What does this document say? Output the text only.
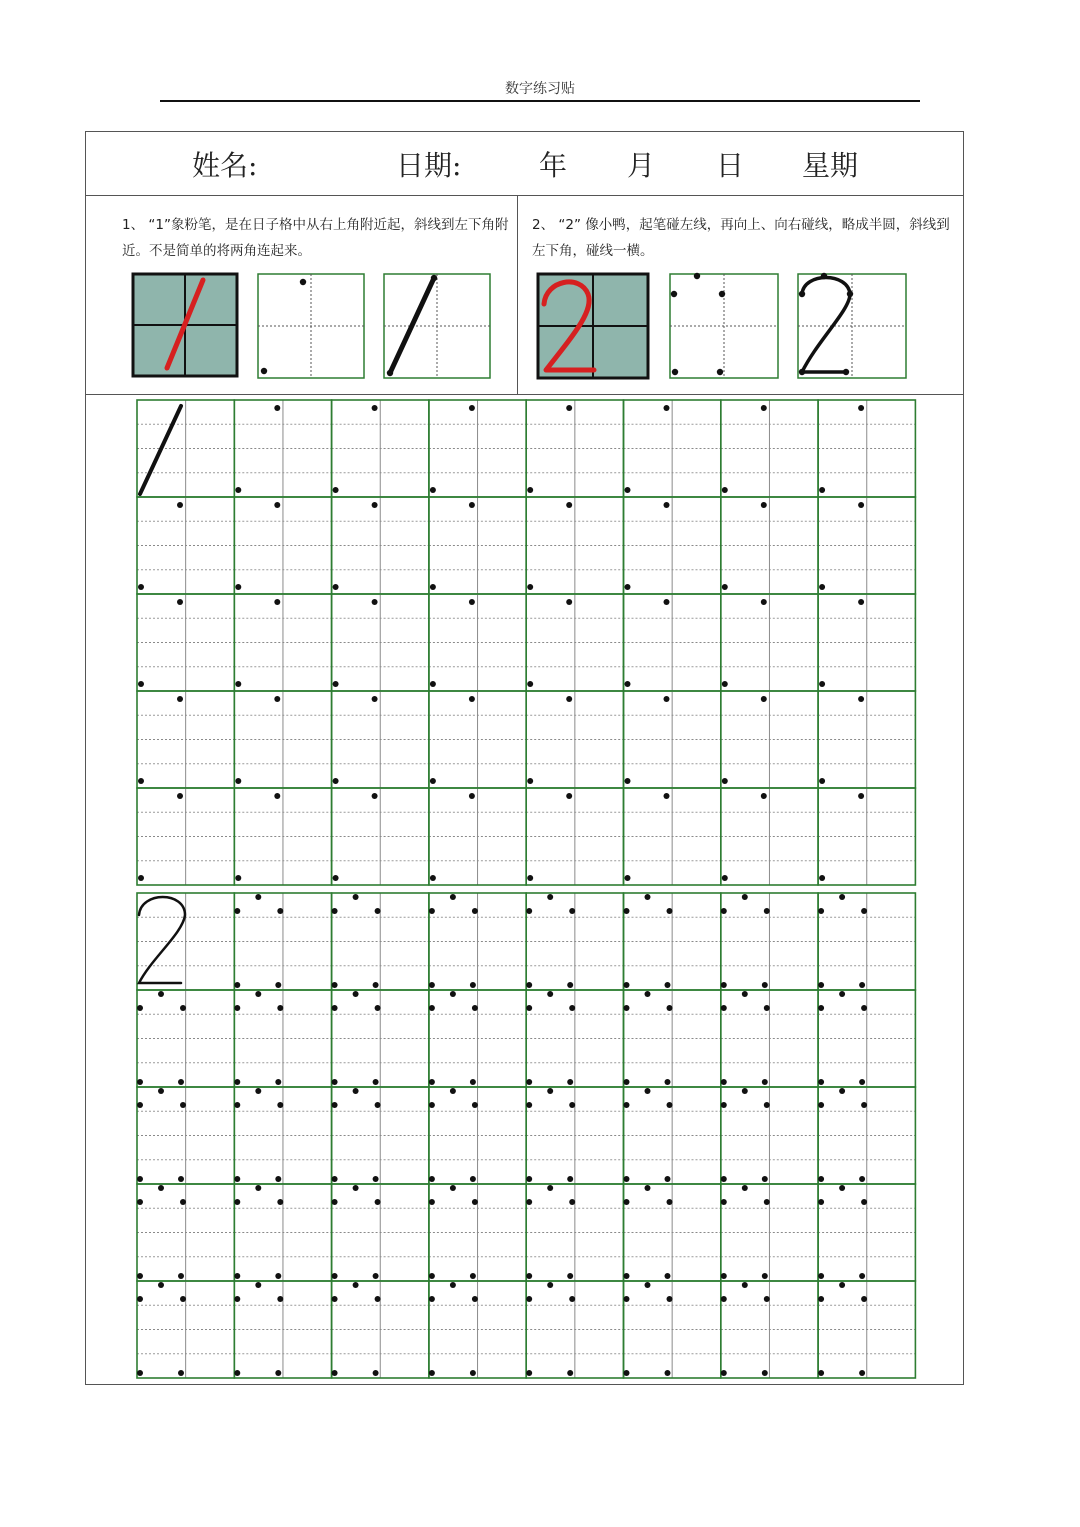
数字练习贴
姓名:	日期:	年 月 日 星期
1、 “1”象粉笔，是在日子格中从右上角附近起，斜线到左下角附近。不是简单的将两角连起来。
2、 “2” 像小鸭，起笔碰左线，再向上、向右碰线，略成半圆，斜线到左下角，碰线一横。
